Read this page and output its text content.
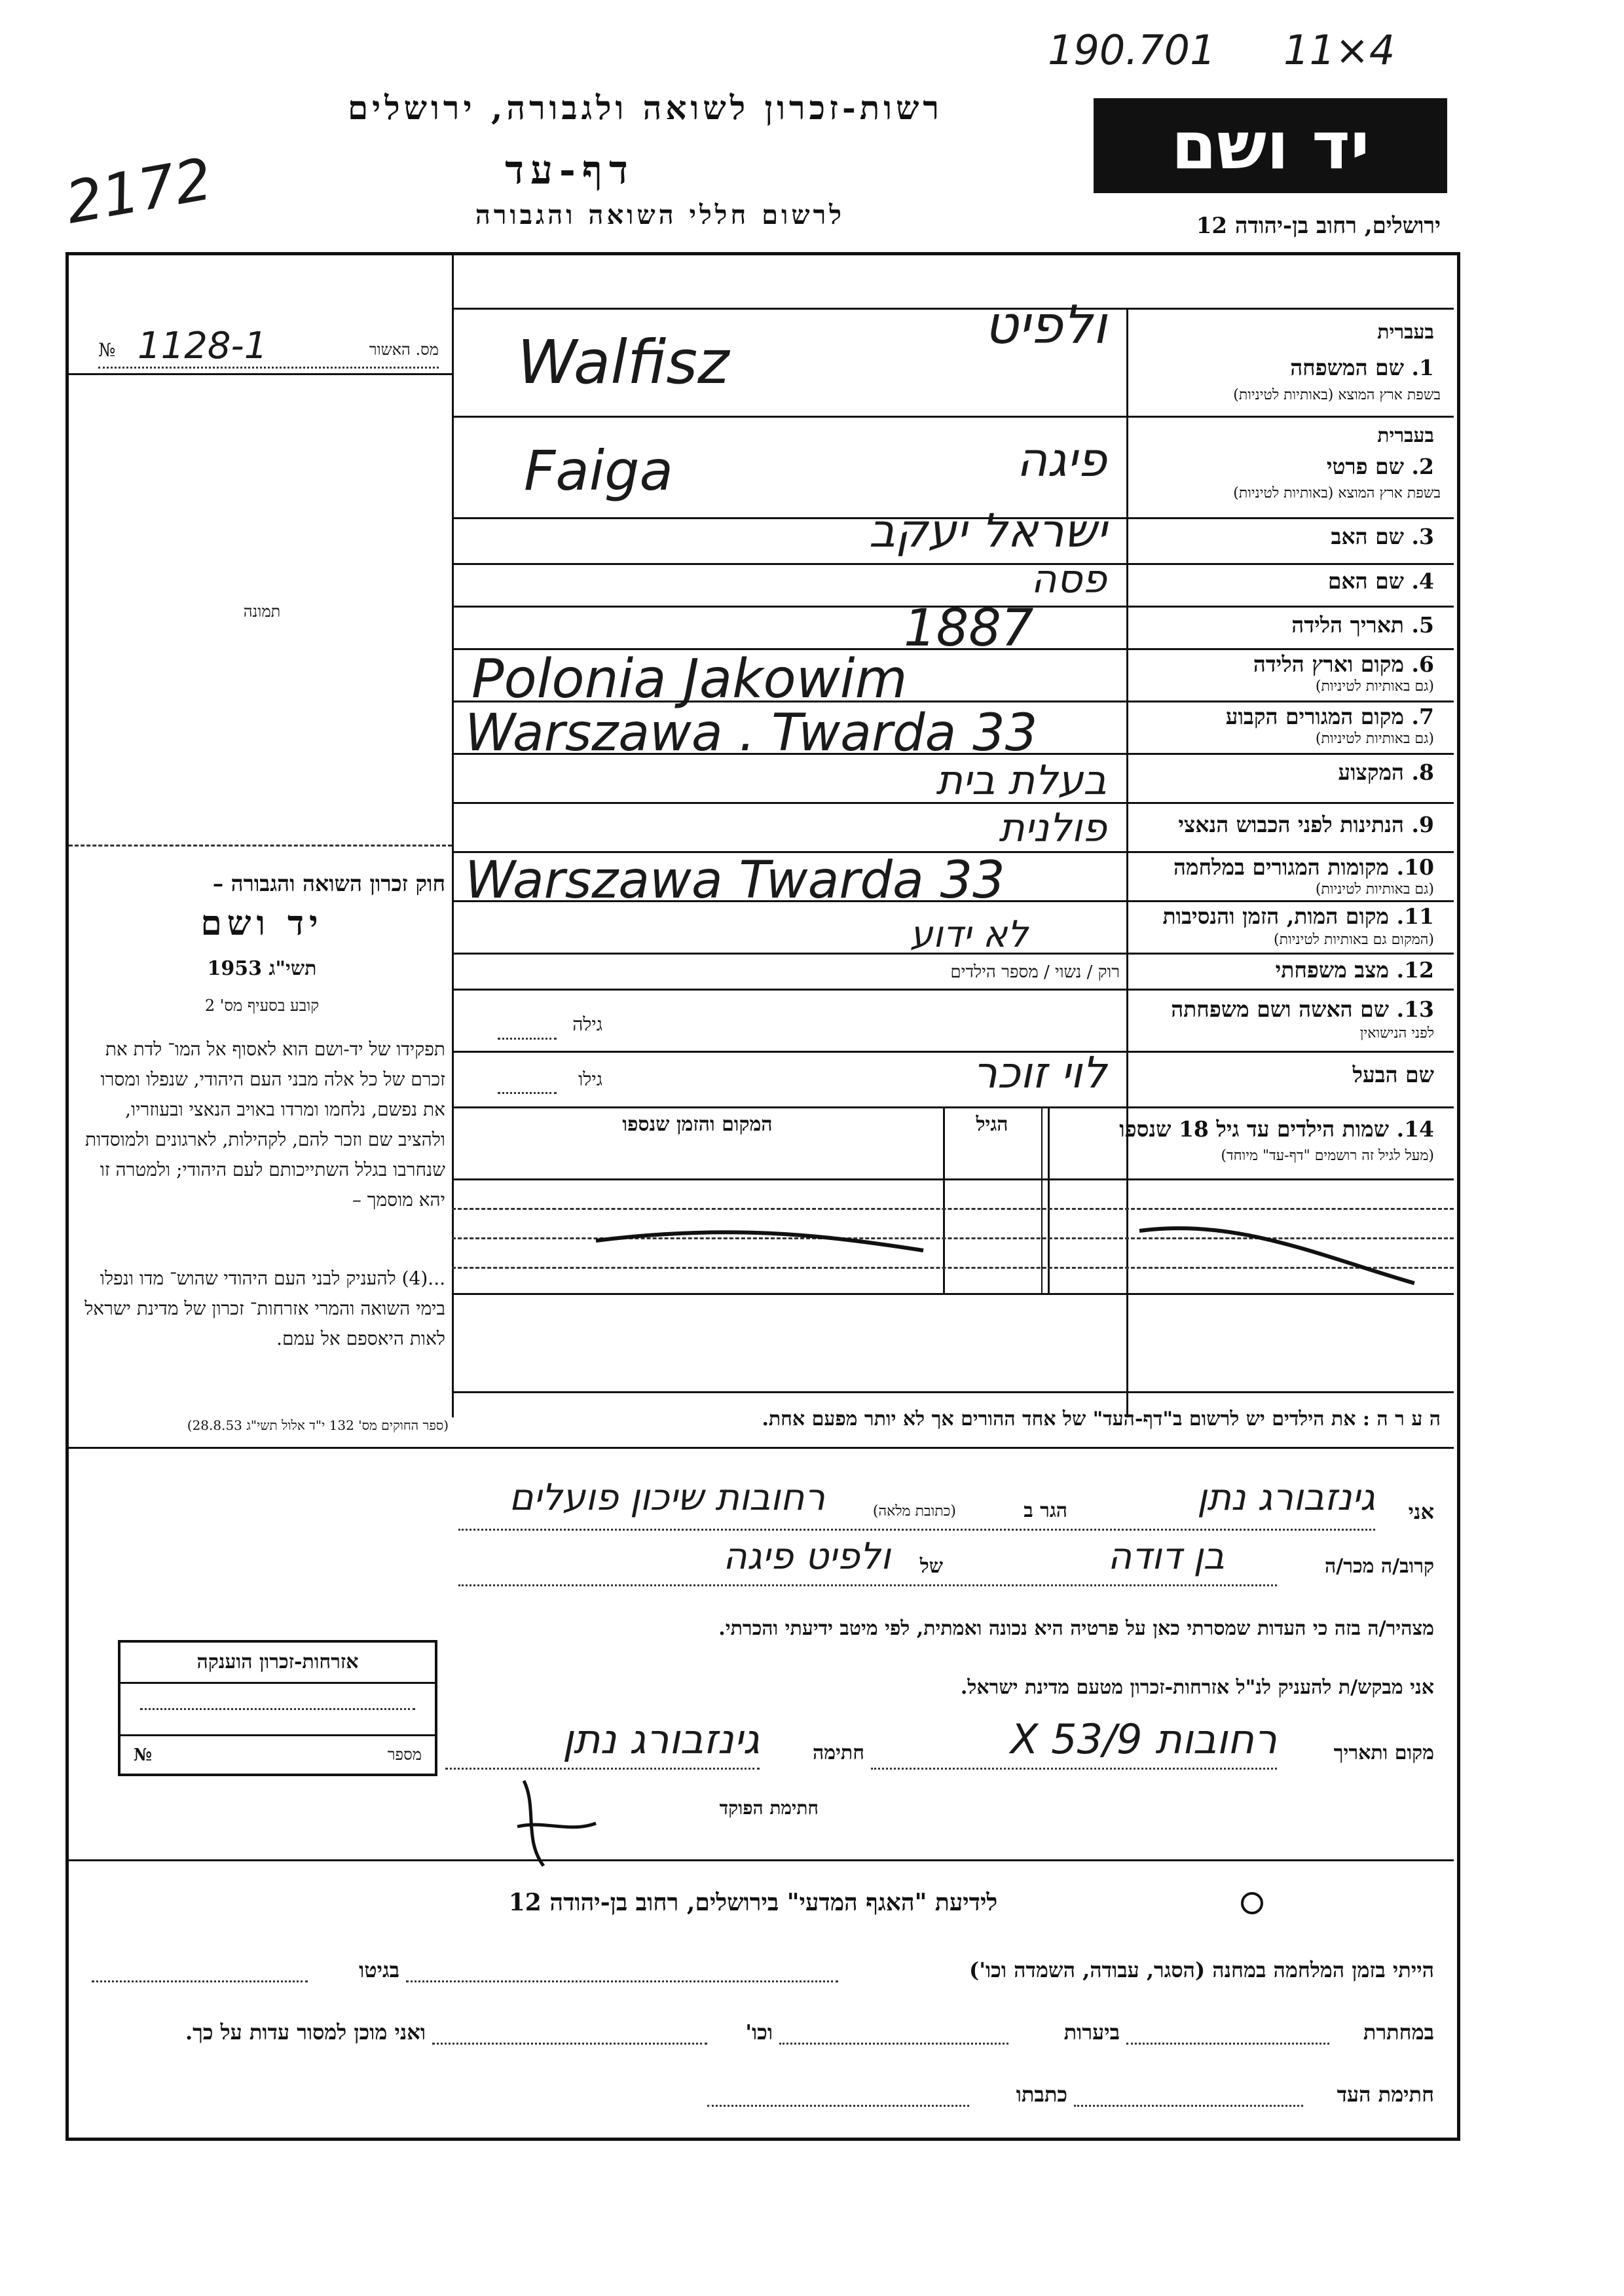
190.701 11×4
2172
רשות-זכרון לשואה ולגבורה, ירושלים
דף-עד
לרשום חללי השואה והגבורה
יד ושם
ירושלים, רחוב בן-יהודה 12
№ 1128-1	מס. האשור
תמונה
חוק זכרון השואה והגבורה –
יד ושם
תשי"ג 1953
קובע בסעיף מס' 2
תפקידו של יד-ושם הוא לאסוף אל המו־ לדת את זכרם של כל אלה מבני העם היהודי, שנפלו ומסרו את נפשם, נלחמו ומרדו באויב הנאצי ובעוזריו, ולהציב שם וזכר להם, לקהילות, לארגונים ולמוסדות שנחרבו בגלל השתייכותם לעם היהודי; ולמטרה זו יהא מוסמך –
...(4) להעניק לבני העם היהודי שהוש־ מדו ונפלו בימי השואה והמרי אזרחות־ זכרון של מדינת ישראל לאות היאספם אל עמם.
(ספר החוקים מס' 132 י"ד אלול תשי"ג 28.8.53)
בעברית
1. שם המשפחה
בשפת ארץ המוצא (באותיות לטיניות)
ולפיט
Walfisz
בעברית
2. שם פרטי
בשפת ארץ המוצא (באותיות לטיניות)
פיגה
Faiga
3. שם האב
ישראל יעקב
4. שם האם
פסה
5. תאריך הלידה
1887
6. מקום וארץ הלידה
(גם באותיות לטיניות)
Polonia Jakowim
7. מקום המגורים הקבוע
(גם באותיות לטיניות)
Warszawa . Twarda 33
8. המקצוע
בעלת בית
9. הנתינות לפני הכבוש הנאצי
פולנית
10. מקומות המגורים במלחמה
(גם באותיות לטיניות)
Warszawa Twarda 33
11. מקום המות, הזמן והנסיבות
(המקום גם באותיות לטיניות)
לא ידוע
12. מצב משפחתי
רוק / נשוי / מספר הילדים
13. שם האשה ושם משפחתה
לפני הנישואין
גילה
שם הבעל
לוי זוכר
גילו
14. שמות הילדים עד גיל 18 שנספו
(מעל לגיל זה רושמים "דף-עד" מיוחד)
הגיל
המקום והזמן שנספו
ה ע ר ה : את הילדים יש לרשום ב"דף-העד" של אחד ההורים אך לא יותר מפעם אחת.
אני
גינזבורג נתן
הגר ב
(כתובת מלאה)
רחובות שיכון פועלים
קרוב/ה מכר/ה
בן דודה
של
ולפיט פיגה
מצהיר/ה בזה כי העדות שמסרתי כאן על פרטיה היא נכונה ואמתית, לפי מיטב ידיעתי והכרתי.
אני מבקש/ת להעניק לנ"ל אזרחות-זכרון מטעם מדינת ישראל.
מקום ותאריך
רחובות 9/X 53
חתימה
גינזבורג נתן
חתימת הפוקד
אזרחות-זכרון הוענקה
№	מספר
לידיעת "האגף המדעי" בירושלים, רחוב בן-יהודה 12
הייתי בזמן המלחמה במחנה (הסגר, עבודה, השמדה וכו')
בגיטו
במחתרת
ביערות
וכו'
ואני מוכן למסור עדות על כך.
חתימת העד
כתבתו
